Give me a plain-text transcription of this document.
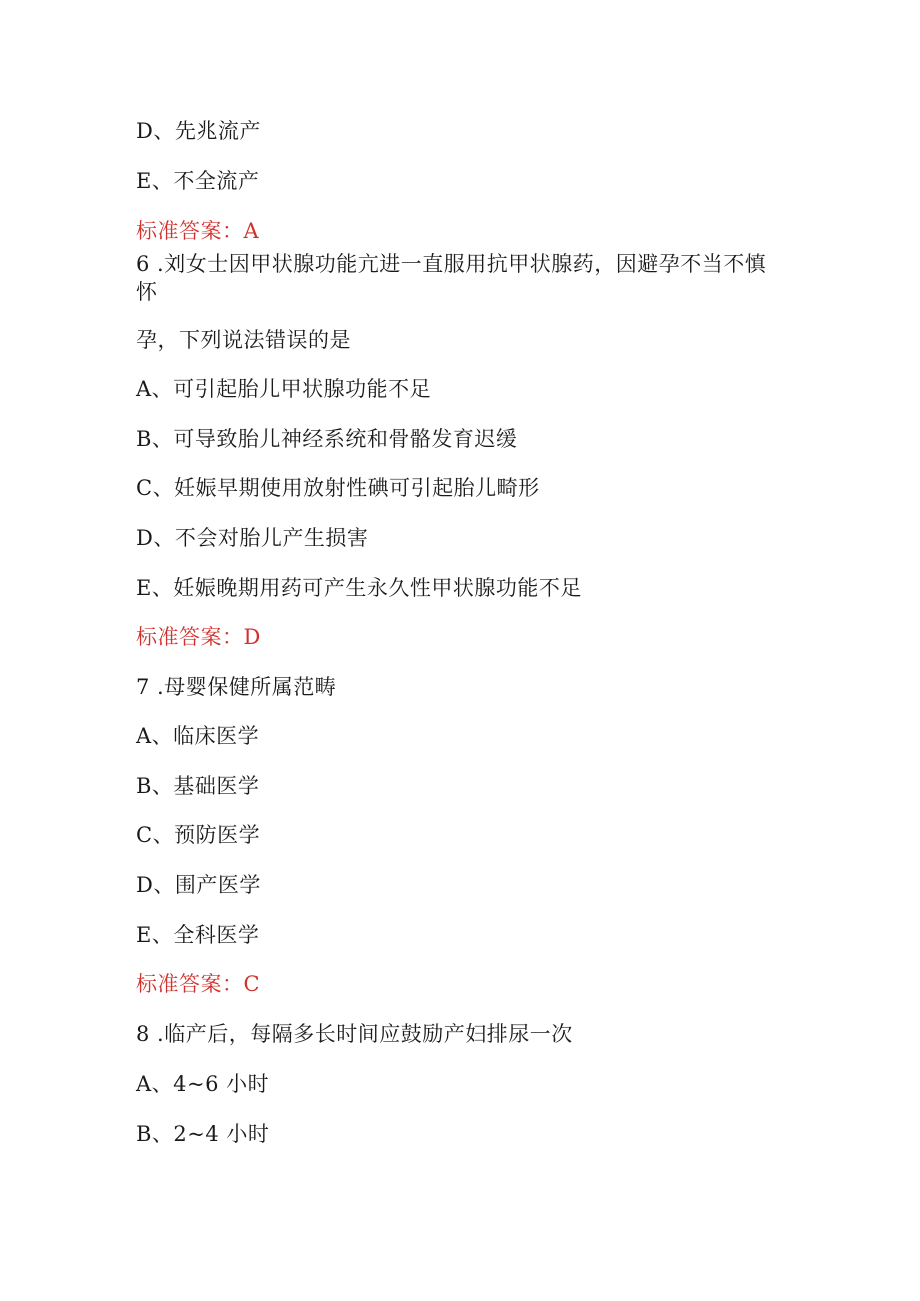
D、先兆流产
E、不全流产
标准答案：A
6 .刘女士因甲状腺功能亢进一直服用抗甲状腺药，因避孕不当不慎
怀
孕，下列说法错误的是
A、可引起胎儿甲状腺功能不足
B、可导致胎儿神经系统和骨骼发育迟缓
C、妊娠早期使用放射性碘可引起胎儿畸形
D、不会对胎儿产生损害
E、妊娠晚期用药可产生永久性甲状腺功能不足
标准答案：D
7 .母婴保健所属范畴
A、临床医学
B、基础医学
C、预防医学
D、围产医学
E、全科医学
标准答案：C
8 .临产后，每隔多长时间应鼓励产妇排尿一次
A、4~6 小时
B、2~4 小时
